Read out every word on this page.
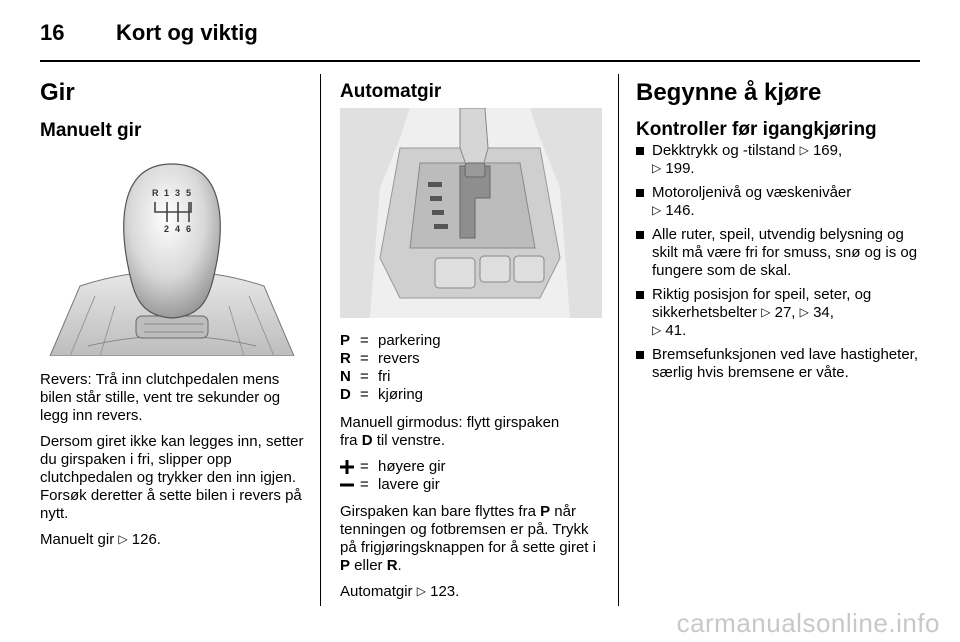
16 Kort og viktig
Gir
Manuelt gir
R 1 3 5
2 4 6

Revers: Trå inn clutchpedalen mens bilen står stille, vent tre sekunder og legg inn revers.

Dersom giret ikke kan legges inn, setter du girspaken i fri, slipper opp clutchpedalen og trykker den inn igjen. Forsøk deretter å sette bilen i revers på nytt.

Manuelt gir ▷ 126.

Automatgir
P = parkering
R = revers
N = fri
D = kjøring

Manuell girmodus: flytt girspaken
fra D til venstre.

= høyere gir
= lavere gir

Girspaken kan bare flyttes fra P når tenningen og fotbremsen er på. Trykk på frigjøringsknappen for å sette giret i P eller R.

Automatgir ▷ 123.

Begynne å kjøre
Kontroller før igangkjøring
Dekktrykk og -tilstand ▷ 169,
▷ 199.
Motoroljenivå og væskenivåer
▷ 146.
Alle ruter, speil, utvendig belysning og skilt må være fri for smuss, snø og is og fungere som de skal.
Riktig posisjon for speil, seter, og sikkerhetsbelter ▷ 27, ▷ 34,
▷ 41.
Bremsefunksjonen ved lave hastigheter, særlig hvis bremsene er våte.
carmanualsonline.info
